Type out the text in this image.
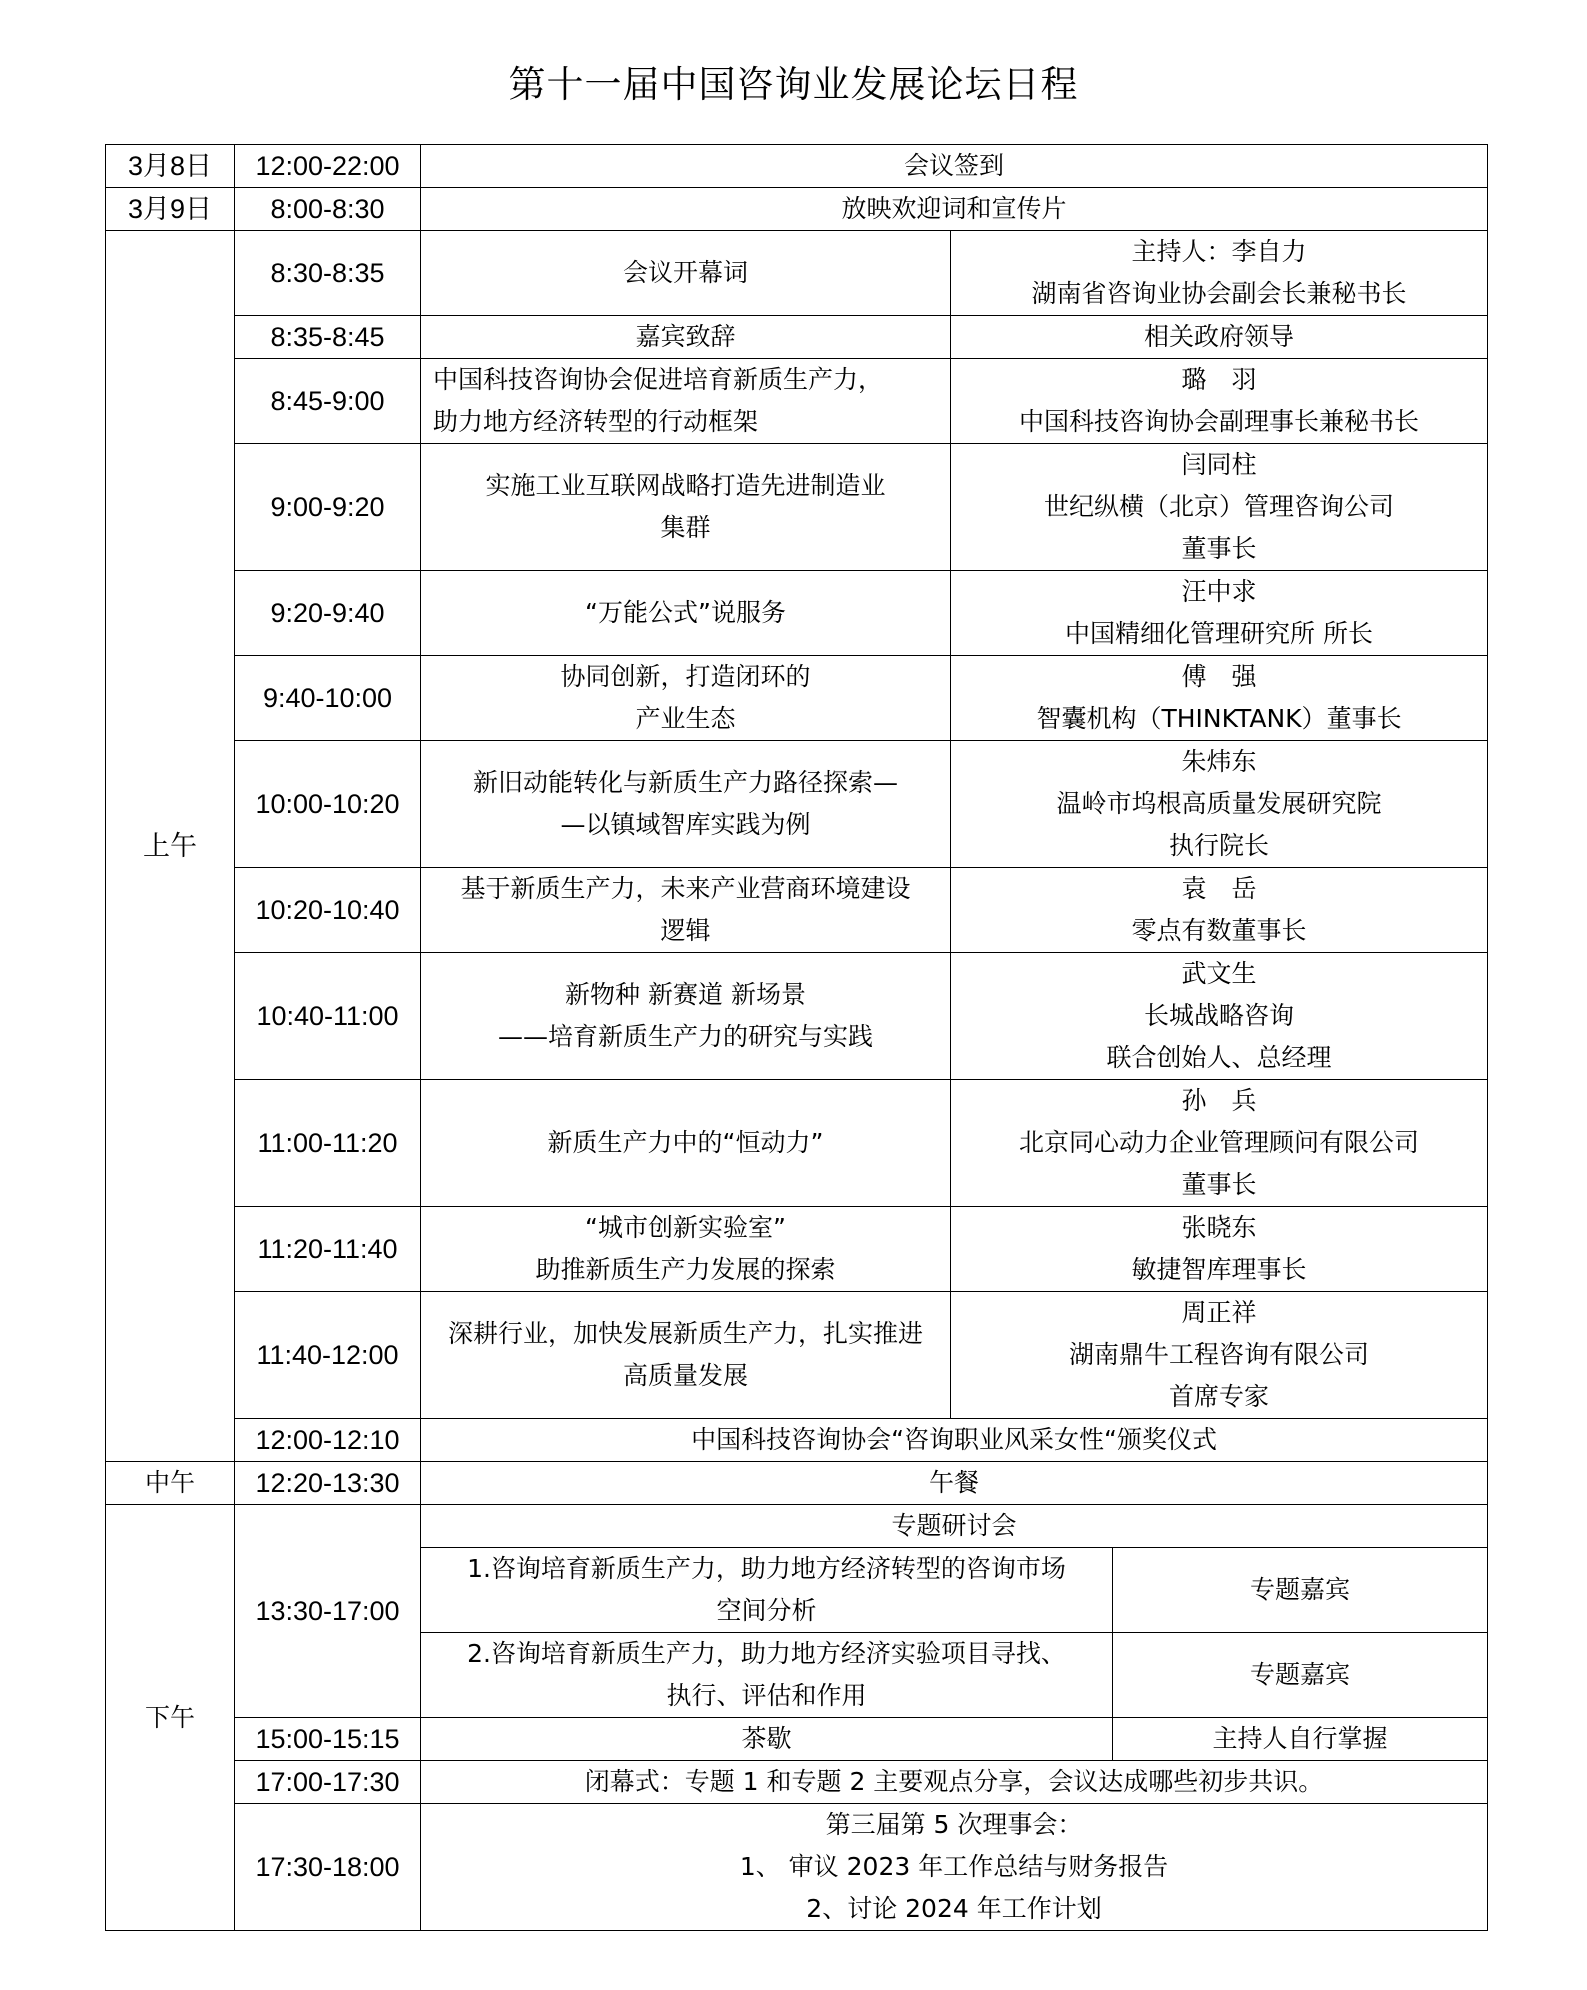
第十一届中国咨询业发展论坛日程
3月8日	12:00-22:00	会议签到		
3月9日	8:00-8:30	放映欢迎词和宣传片		
上午	8:30-8:35	会议开幕词	主持人：李自力
湖南省咨询业协会副会长兼秘书长	
	8:35-8:45	嘉宾致辞	相关政府领导	
	8:45-9:00	中国科技咨询协会促进培育新质生产力，
助力地方经济转型的行动框架	璐　羽
中国科技咨询协会副理事长兼秘书长	
	9:00-9:20	实施工业互联网战略打造先进制造业
集群	闫同柱
世纪纵横（北京）管理咨询公司
董事长	
	9:20-9:40	“万能公式”说服务	汪中求
中国精细化管理研究所 所长	
	9:40-10:00	协同创新，打造闭环的
产业生态	傅　强
智囊机构（THINKTANK）董事长	
	10:00-10:20	新旧动能转化与新质生产力路径探索—
—以镇域智库实践为例	朱炜东
温岭市坞根高质量发展研究院
执行院长	
	10:20-10:40	基于新质生产力，未来产业营商环境建设
逻辑	袁　岳
零点有数董事长	
	10:40-11:00	新物种 新赛道 新场景
——培育新质生产力的研究与实践	武文生
长城战略咨询
联合创始人、总经理	
	11:00-11:20	新质生产力中的“恒动力”	孙　兵
北京同心动力企业管理顾问有限公司
董事长	
	11:20-11:40	“城市创新实验室”
助推新质生产力发展的探索	张晓东
敏捷智库理事长	
	11:40-12:00	深耕行业，加快发展新质生产力，扎实推进
高质量发展	周正祥
湖南鼎牛工程咨询有限公司
首席专家	
	12:00-12:10	中国科技咨询协会“咨询职业风采女性“颁奖仪式		
中午	12:20-13:30	午餐		
下午	13:30-17:00	专题研讨会		
		1.咨询培育新质生产力，助力地方经济转型的咨询市场
空间分析		专题嘉宾
		2.咨询培育新质生产力，助力地方经济实验项目寻找、
执行、评估和作用		专题嘉宾
	15:00-15:15	茶歇		主持人自行掌握
	17:00-17:30	闭幕式：专题 1 和专题 2 主要观点分享，会议达成哪些初步共识。		
	17:30-18:00	第三届第 5 次理事会：
1、 审议 2023 年工作总结与财务报告
2、讨论 2024 年工作计划		
